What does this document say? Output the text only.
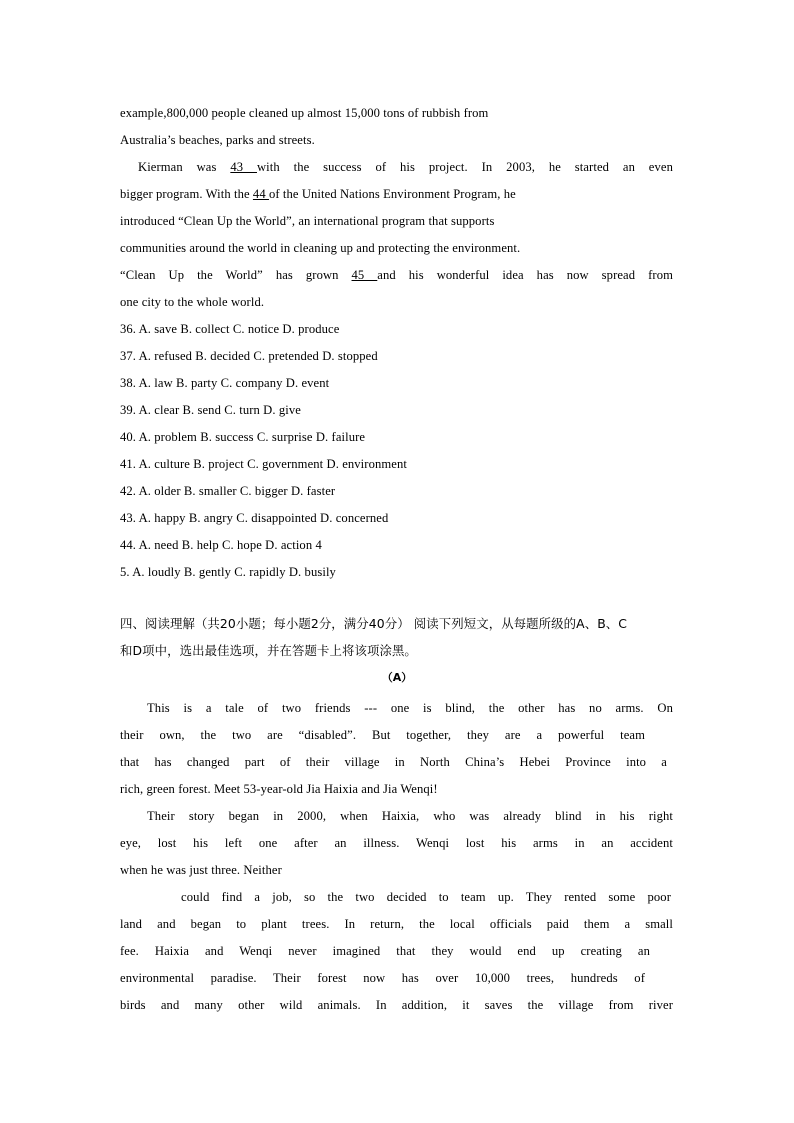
example,800,000 people cleaned up almost 15,000 tons of rubbish from
Australia’s beaches, parks and streets.
Kierman was 43 with the success of his project. In 2003, he started an even
bigger program. With the 44 of the United Nations Environment Program, he
introduced “Clean Up the World”, an international program that supports
communities around the world in cleaning up and protecting the environment.
“Clean Up the World” has grown 45 and his wonderful idea has now spread from
one city to the whole world.
36. A. save B. collect C. notice D. produce
37. A. refused B. decided C. pretended D. stopped
38. A. law B. party C. company D. event
39. A. clear B. send C. turn D. give
40. A. problem B. success C. surprise D. failure
41. A. culture B. project C. government D. environment
42. A. older B. smaller C. bigger D. faster
43. A. happy B. angry C. disappointed D. concerned
44. A. need B. help C. hope D. action 4
5. A. loudly B. gently C. rapidly D. busily
四、阅读理解（共20小题；每小题2分，满分40分） 阅读下列短文，从每题所级的A、B、C
和D项中，选出最佳选项，并在答题卡上将该项涂黑。
（A）
This is a tale of two friends --- one is blind, the other has no arms. On
their own, the two are “disabled”. But together, they are a powerful team
that has changed part of their village in North China’s Hebei Province into a
rich, green forest. Meet 53-year-old Jia Haixia and Jia Wenqi!
Their story began in 2000, when Haixia, who was already blind in his right
eye, lost his left one after an illness. Wenqi lost his arms in an accident
when he was just three. Neither
could find a job, so the two decided to team up. They rented some poor
land and began to plant trees. In return, the local officials paid them a small
fee. Haixia and Wenqi never imagined that they would end up creating an
environmental paradise. Their forest now has over 10,000 trees, hundreds of
birds and many other wild animals. In addition, it saves the village from river
